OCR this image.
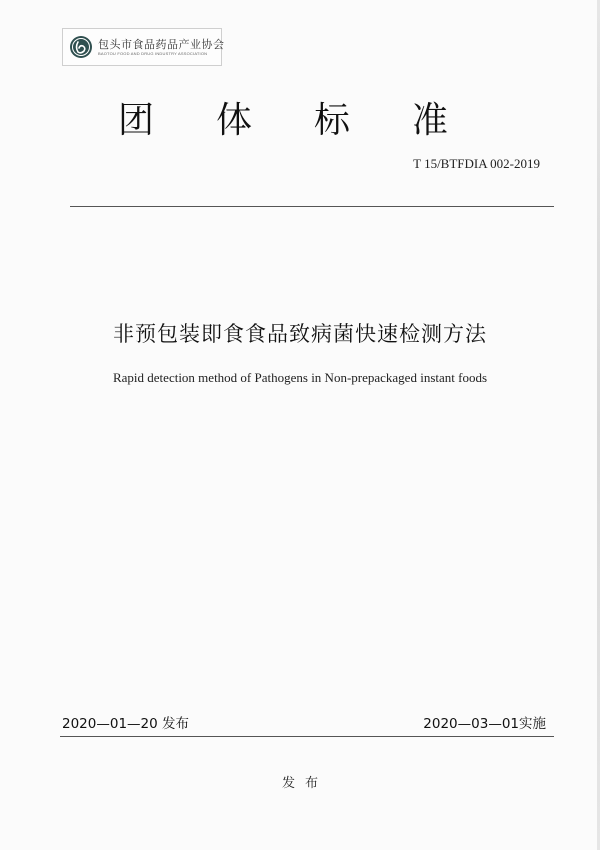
包头市食品药品产业协会
BAOTOU FOOD AND DRUG INDUSTRY ASSOCIATION
团体标准
T 15/BTFDIA 002-2019
非预包装即食食品致病菌快速检测方法
Rapid detection method of Pathogens in Non-prepackaged instant foods
2020—01—20 发布	2020—03—01实施
发布
